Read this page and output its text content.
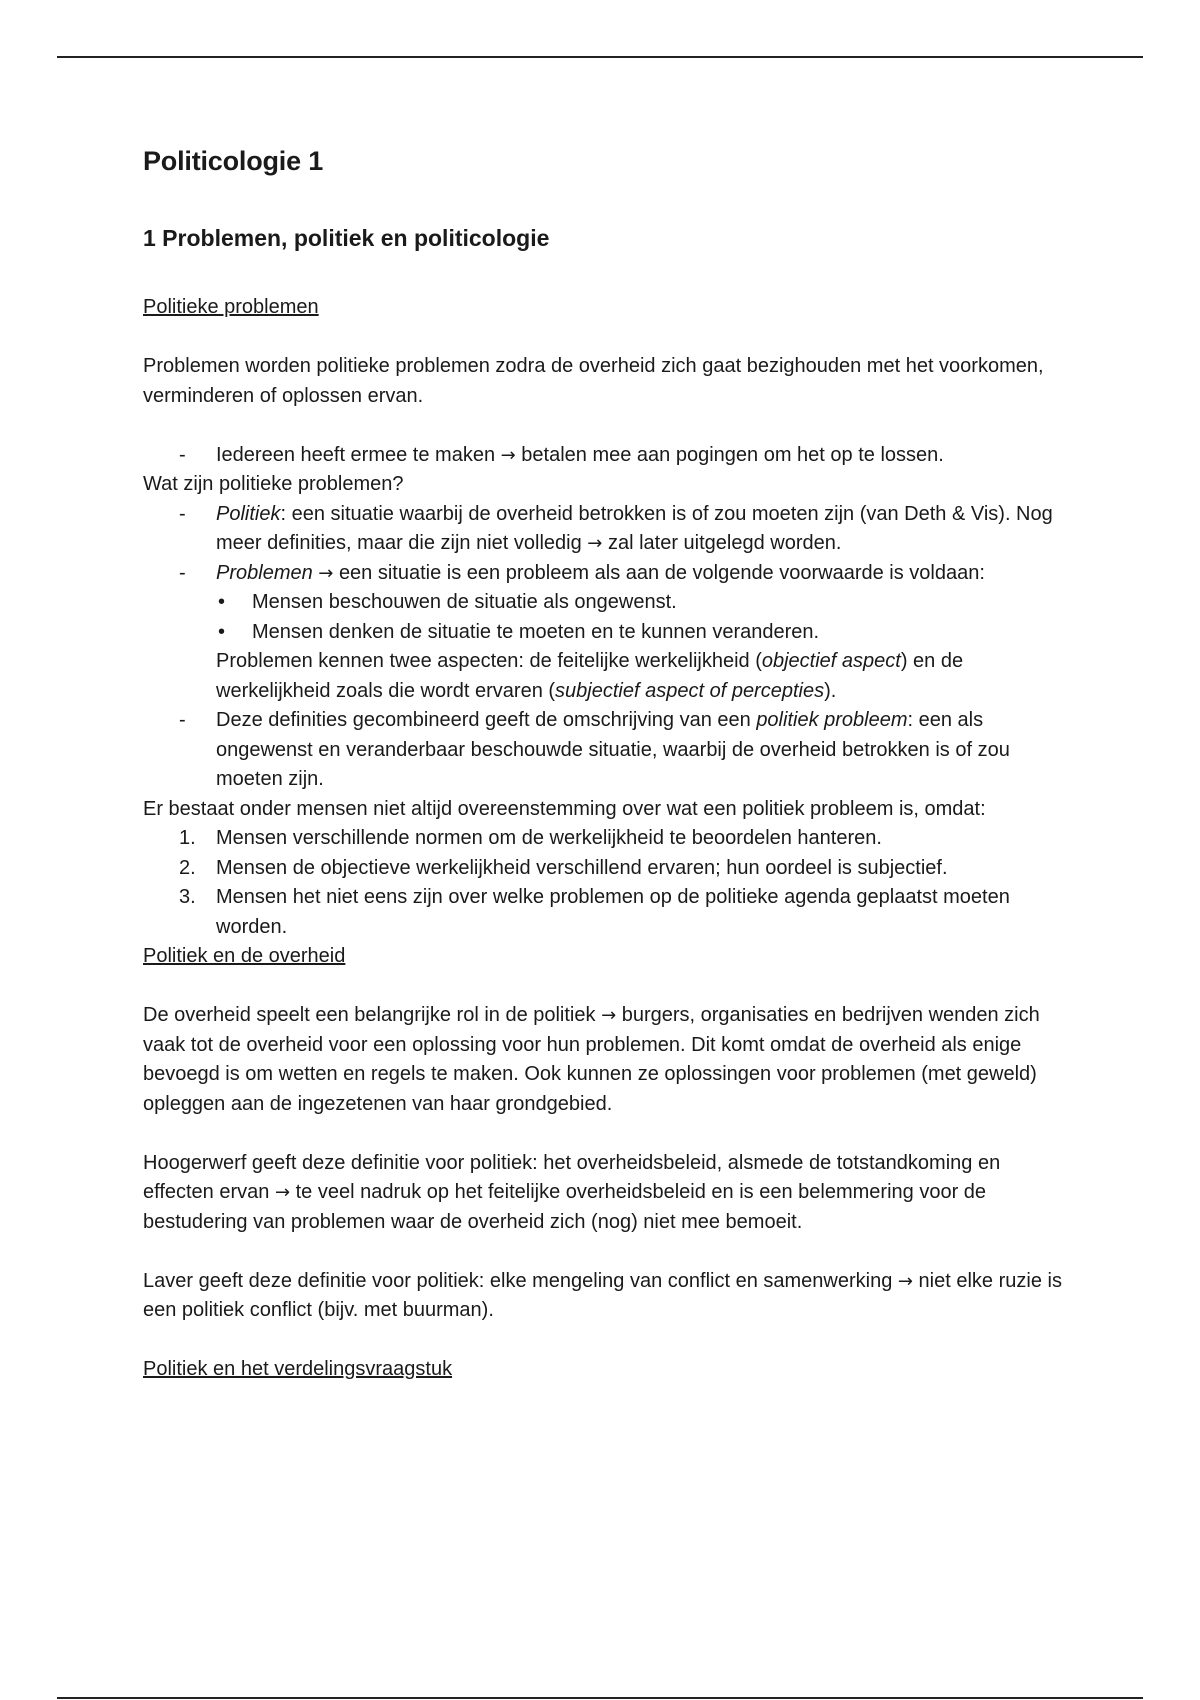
Politicologie 1
1 Problemen, politiek en politicologie
Politieke problemen

Problemen worden politieke problemen zodra de overheid zich gaat bezighouden met het voorkomen, verminderen of oplossen ervan.

- Iedereen heeft ermee te maken → betalen mee aan pogingen om het op te lossen.
Wat zijn politieke problemen?
- Politiek: een situatie waarbij de overheid betrokken is of zou moeten zijn (van Deth & Vis). Nog meer definities, maar die zijn niet volledig → zal later uitgelegd worden.
- Problemen → een situatie is een probleem als aan de volgende voorwaarde is voldaan:
• Mensen beschouwen de situatie als ongewenst.
• Mensen denken de situatie te moeten en te kunnen veranderen.
Problemen kennen twee aspecten: de feitelijke werkelijkheid (objectief aspect) en de werkelijkheid zoals die wordt ervaren (subjectief aspect of percepties).
- Deze definities gecombineerd geeft de omschrijving van een politiek probleem: een als ongewenst en veranderbaar beschouwde situatie, waarbij de overheid betrokken is of zou moeten zijn.
Er bestaat onder mensen niet altijd overeenstemming over wat een politiek probleem is, omdat:
1. Mensen verschillende normen om de werkelijkheid te beoordelen hanteren.
2. Mensen de objectieve werkelijkheid verschillend ervaren; hun oordeel is subjectief.
3. Mensen het niet eens zijn over welke problemen op de politieke agenda geplaatst moeten worden.
Politiek en de overheid

De overheid speelt een belangrijke rol in de politiek → burgers, organisaties en bedrijven wenden zich vaak tot de overheid voor een oplossing voor hun problemen. Dit komt omdat de overheid als enige bevoegd is om wetten en regels te maken. Ook kunnen ze oplossingen voor problemen (met geweld) opleggen aan de ingezetenen van haar grondgebied.

Hoogerwerf geeft deze definitie voor politiek: het overheidsbeleid, alsmede de totstandkoming en effecten ervan → te veel nadruk op het feitelijke overheidsbeleid en is een belemmering voor de bestudering van problemen waar de overheid zich (nog) niet mee bemoeit.

Laver geeft deze definitie voor politiek: elke mengeling van conflict en samenwerking → niet elke ruzie is een politiek conflict (bijv. met buurman).

Politiek en het verdelingsvraagstuk
